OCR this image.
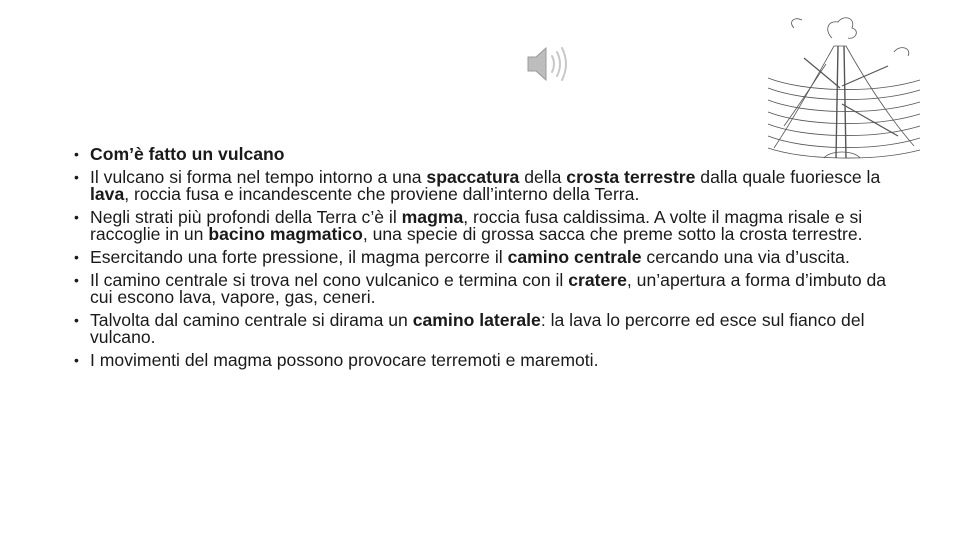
• Com’è fatto un vulcano
• Il vulcano si forma nel tempo intorno a una spaccatura della crosta terrestre dalla quale fuoriesce la lava, roccia fusa e incandescente che proviene dall’interno della Terra.
• Negli strati più profondi della Terra c’è il magma, roccia fusa caldissima. A volte il magma risale e si raccoglie in un bacino magmatico, una specie di grossa sacca che preme sotto la crosta terrestre.
• Esercitando una forte pressione, il magma percorre il camino centrale cercando una via d’uscita.
• Il camino centrale si trova nel cono vulcanico e termina con il cratere, un’apertura a forma d’imbuto da cui escono lava, vapore, gas, ceneri.
• Talvolta dal camino centrale si dirama un camino laterale: la lava lo percorre ed esce sul fianco del vulcano.
• I movimenti del magma possono provocare terremoti e maremoti.
